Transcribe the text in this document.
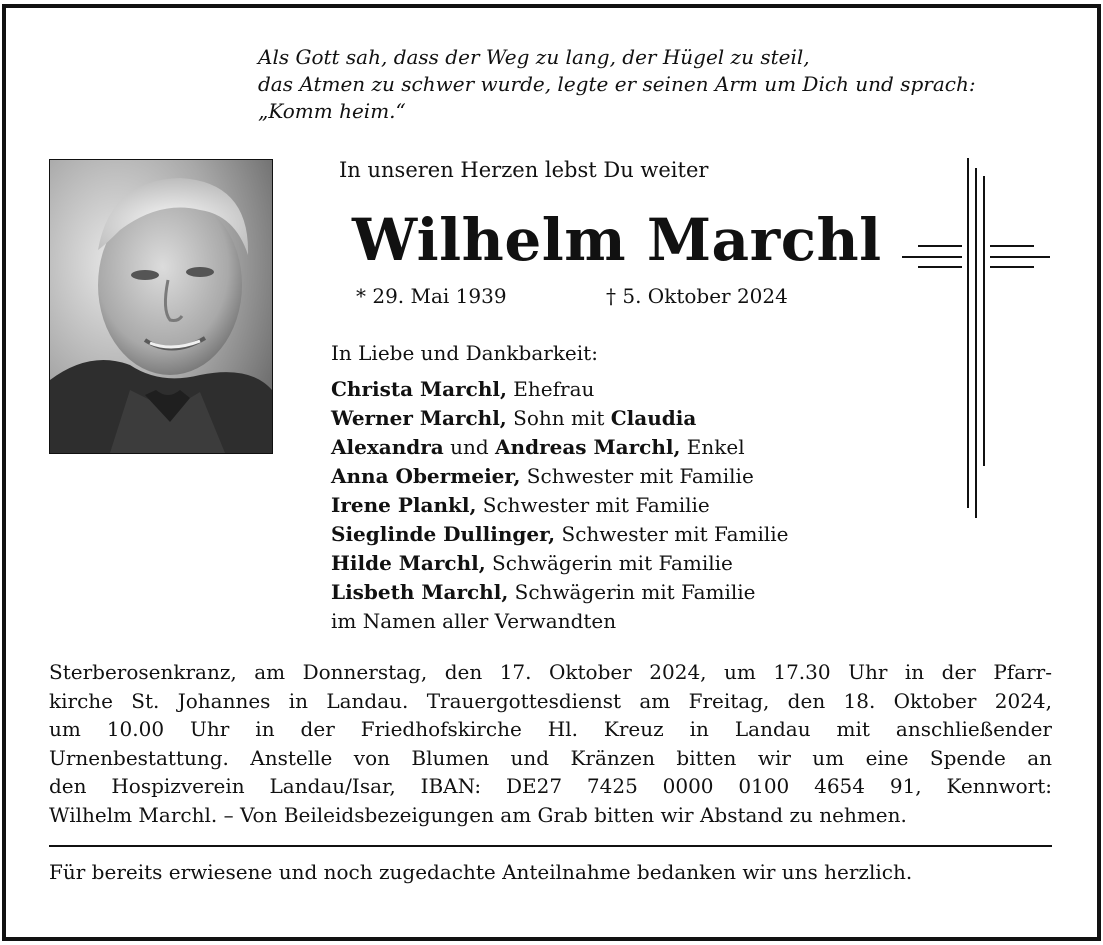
Als Gott sah, dass der Weg zu lang, der Hügel zu steil,
das Atmen zu schwer wurde, legte er seinen Arm um Dich und sprach:
„Komm heim.“
In unseren Herzen lebst Du weiter
Wilhelm Marchl
* 29. Mai 1939	† 5. Oktober 2024
In Liebe und Dankbarkeit:
Christa Marchl, Ehefrau
Werner Marchl, Sohn mit Claudia
Alexandra und Andreas Marchl, Enkel
Anna Obermeier, Schwester mit Familie
Irene Plankl, Schwester mit Familie
Sieglinde Dullinger, Schwester mit Familie
Hilde Marchl, Schwägerin mit Familie
Lisbeth Marchl, Schwägerin mit Familie
im Namen aller Verwandten
Sterberosenkranz, am Donnerstag, den 17. Oktober 2024, um 17.30 Uhr in der Pfarr-
kirche St. Johannes in Landau. Trauergottesdienst am Freitag, den 18. Oktober 2024,
um 10.00 Uhr in der Friedhofskirche Hl. Kreuz in Landau mit anschließender
Urnenbestattung. Anstelle von Blumen und Kränzen bitten wir um eine Spende an
den Hospizverein Landau/Isar, IBAN: DE27 7425 0000 0100 4654 91, Kennwort:
Wilhelm Marchl. – Von Beileidsbezeigungen am Grab bitten wir Abstand zu nehmen.
Für bereits erwiesene und noch zugedachte Anteilnahme bedanken wir uns herzlich.
